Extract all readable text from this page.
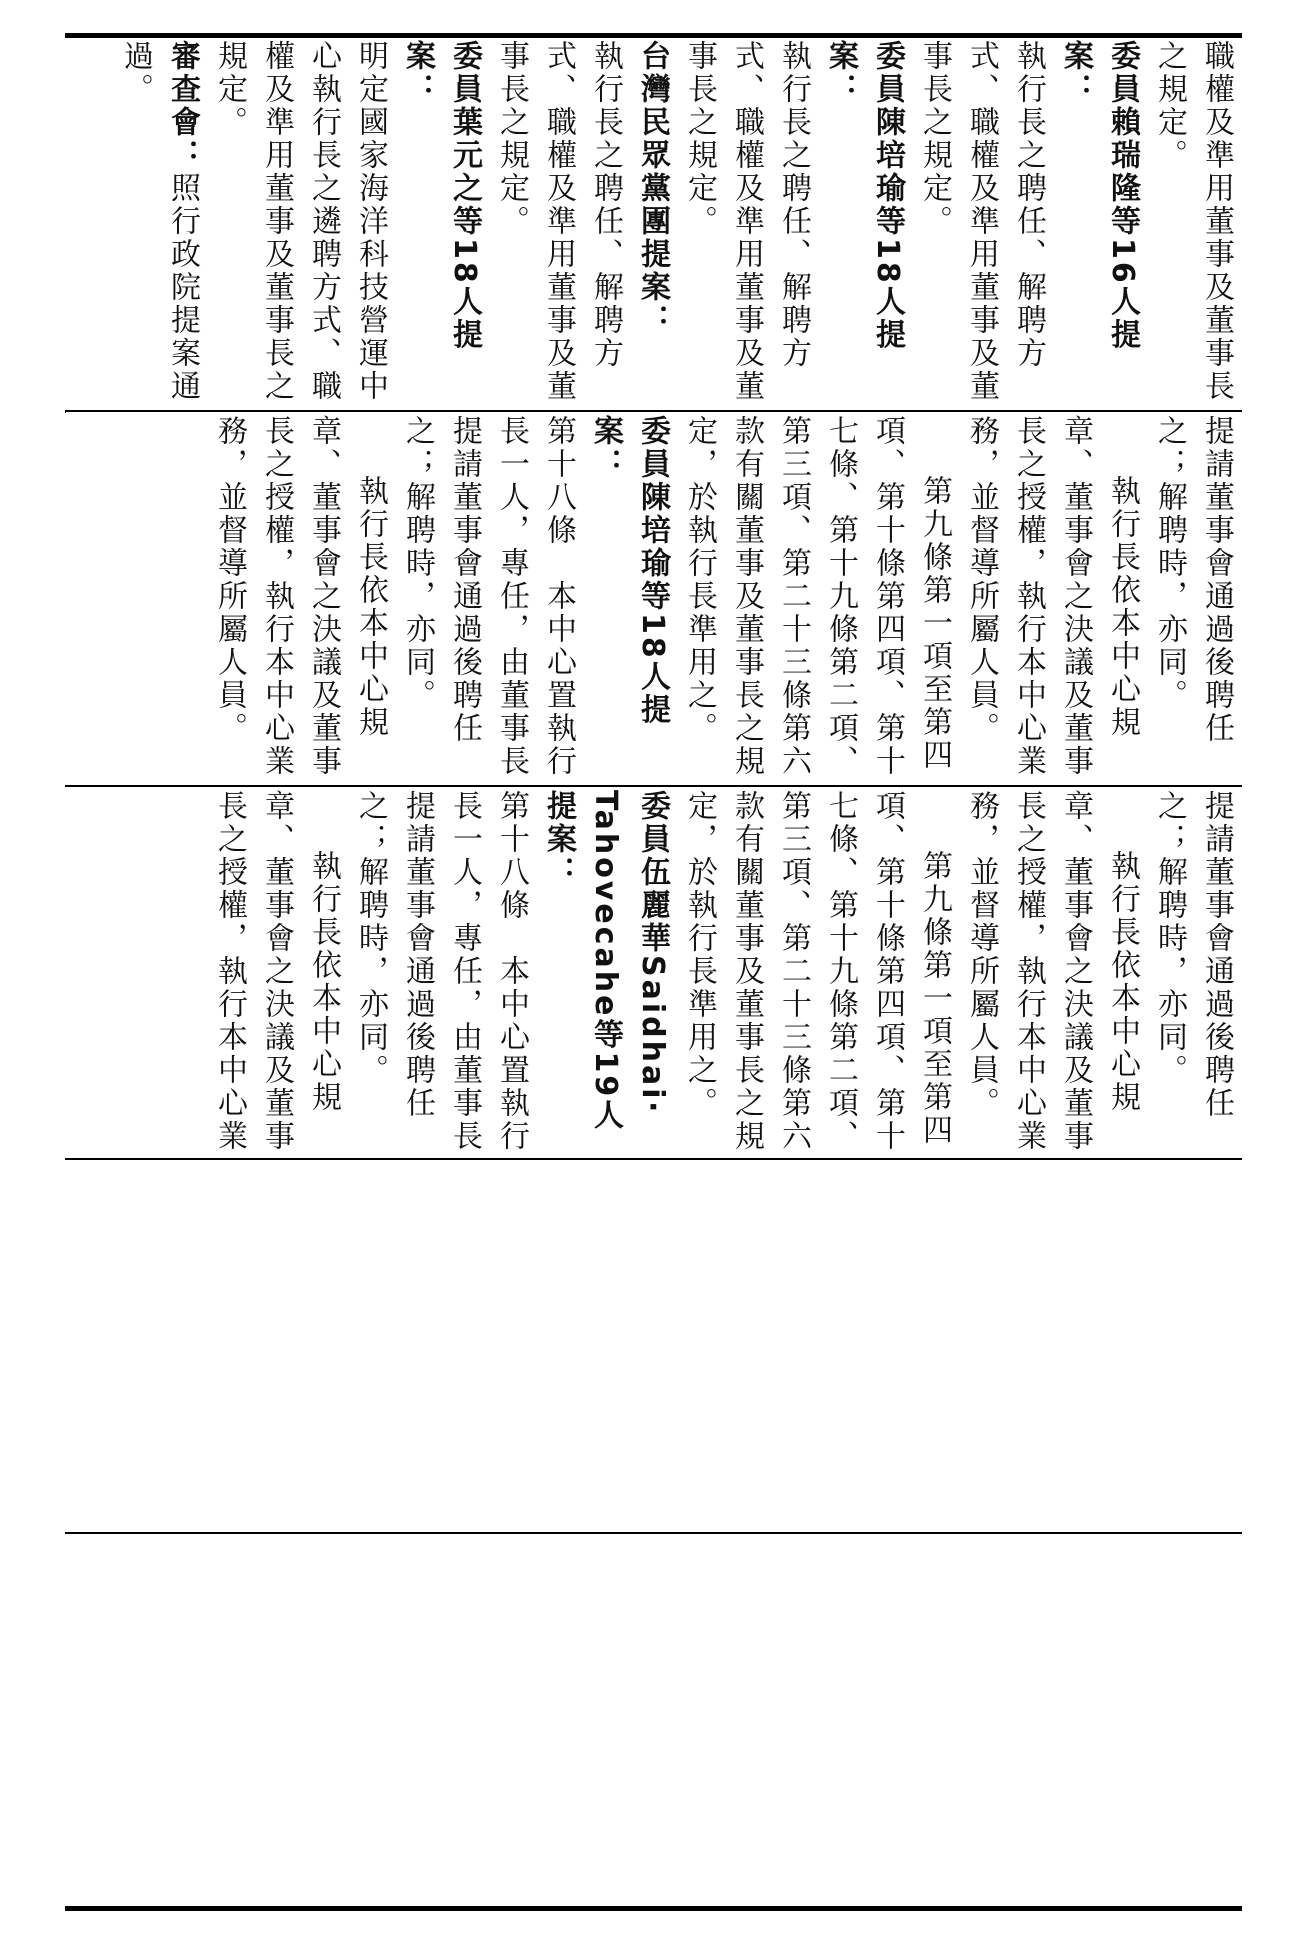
職權及準用董事及董事長之規定。

委員賴瑞隆等16人提案：

執行長之聘任、解聘方式、職權及準用董事及董事長之規定。

委員陳培瑜等18人提案：

執行長之聘任、解聘方式、職權及準用董事及董事長之規定。

台灣民眾黨團提案：

執行長之聘任、解聘方式、職權及準用董事及董事長之規定。

委員葉元之等18人提案：

明定國家海洋科技營運中心執行長之遴聘方式、職權及準用董事及董事長之規定。

審查會：照行政院提案通過。

提請董事會通過後聘任之；解聘時，亦同。

執行長依本中心規章、董事會之決議及董事長之授權，執行本中心業務，並督導所屬人員。

第九條第一項至第四項、第十條第四項、第十七條、第十九條第二項、第三項、第二十三條第六款有關董事及董事長之規定，於執行長準用之。

委員陳培瑜等18人提案：

第十八條　本中心置執行長一人，專任，由董事長提請董事會通過後聘任之；解聘時，亦同。

執行長依本中心規章、董事會之決議及董事長之授權，執行本中心業務，並督導所屬人員。

提請董事會通過後聘任之；解聘時，亦同。

執行長依本中心規章、董事會之決議及董事長之授權，執行本中心業務，並督導所屬人員。

第九條第一項至第四項、第十條第四項、第十七條、第十九條第二項、第三項、第二十三條第六款有關董事及董事長之規定，於執行長準用之。

委員伍麗華Saidhai‧Tahovecahe等19人提案：

第十八條　本中心置執行長一人，專任，由董事長提請董事會通過後聘任之；解聘時，亦同。

執行長依本中心規章、董事會之決議及董事長之授權，執行本中心業
